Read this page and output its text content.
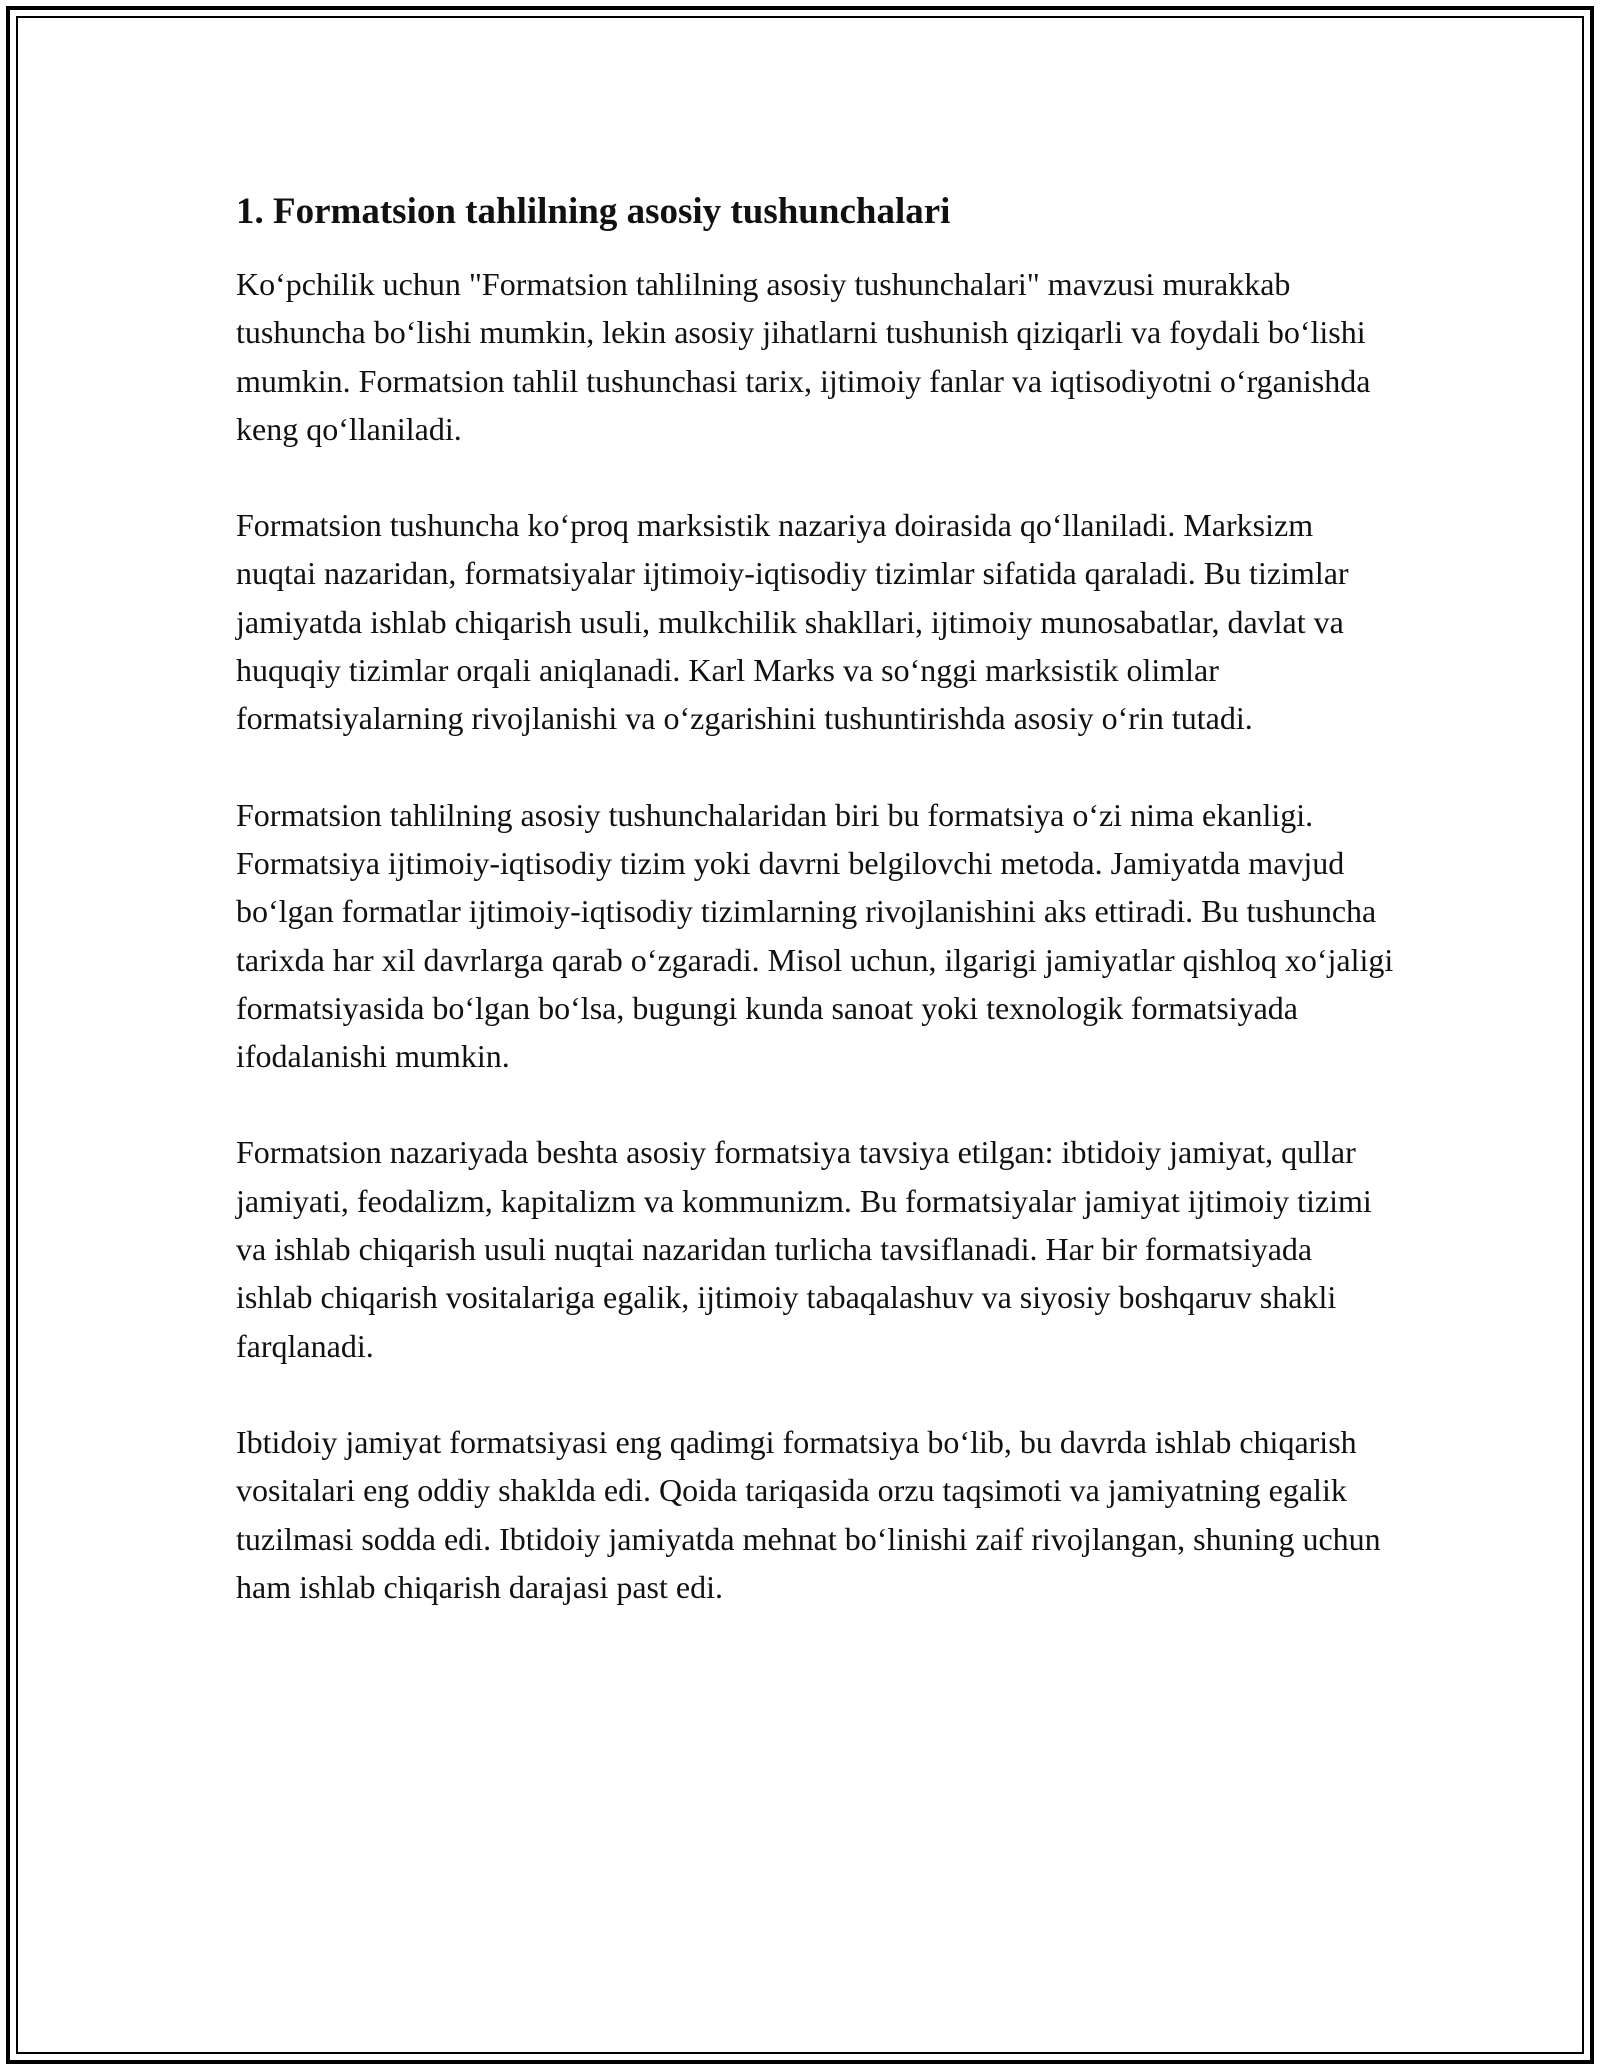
1. Formatsion tahlilning asosiy tushunchalari

Koʻpchilik uchun "Formatsion tahlilning asosiy tushunchalari" mavzusi murakkab tushuncha boʻlishi mumkin, lekin asosiy jihatlarni tushunish qiziqarli va foydali boʻlishi mumkin. Formatsion tahlil tushunchasi tarix, ijtimoiy fanlar va iqtisodiyotni oʻrganishda keng qoʻllaniladi.

Formatsion tushuncha koʻproq marksistik nazariya doirasida qoʻllaniladi. Marksizm nuqtai nazaridan, formatsiyalar ijtimoiy-iqtisodiy tizimlar sifatida qaraladi. Bu tizimlar jamiyatda ishlab chiqarish usuli, mulkchilik shakllari, ijtimoiy munosabatlar, davlat va huquqiy tizimlar orqali aniqlanadi. Karl Marks va soʻnggi marksistik olimlar formatsiyalarning rivojlanishi va oʻzgarishini tushuntirishda asosiy oʻrin tutadi.

Formatsion tahlilning asosiy tushunchalaridan biri bu formatsiya oʻzi nima ekanligi. Formatsiya ijtimoiy-iqtisodiy tizim yoki davrni belgilovchi metoda. Jamiyatda mavjud boʻlgan formatlar ijtimoiy-iqtisodiy tizimlarning rivojlanishini aks ettiradi. Bu tushuncha tarixda har xil davrlarga qarab oʻzgaradi. Misol uchun, ilgarigi jamiyatlar qishloq xoʻjaligi formatsiyasida boʻlgan boʻlsa, bugungi kunda sanoat yoki texnologik formatsiyada ifodalanishi mumkin.

Formatsion nazariyada beshta asosiy formatsiya tavsiya etilgan: ibtidoiy jamiyat, qullar jamiyati, feodalizm, kapitalizm va kommunizm. Bu formatsiyalar jamiyat ijtimoiy tizimi va ishlab chiqarish usuli nuqtai nazaridan turlicha tavsiflanadi. Har bir formatsiyada ishlab chiqarish vositalariga egalik, ijtimoiy tabaqalashuv va siyosiy boshqaruv shakli farqlanadi.

Ibtidoiy jamiyat formatsiyasi eng qadimgi formatsiya boʻlib, bu davrda ishlab chiqarish vositalari eng oddiy shaklda edi. Qoida tariqasida orzu taqsimoti va jamiyatning egalik tuzilmasi sodda edi. Ibtidoiy jamiyatda mehnat boʻlinishi zaif rivojlangan, shuning uchun ham ishlab chiqarish darajasi past edi.
